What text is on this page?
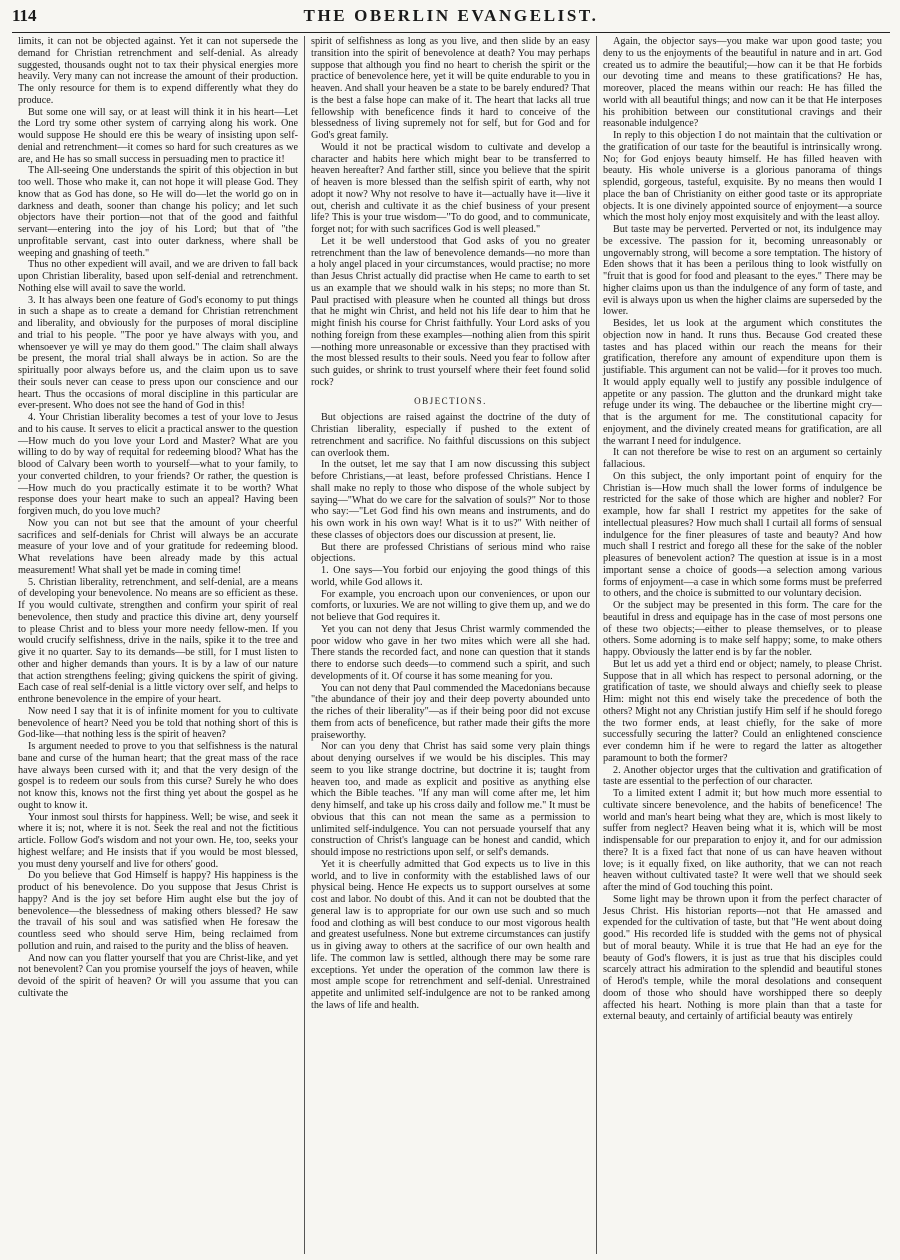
114	THE OBERLIN EVANGELIST.

limits, it can not be objected against. Yet it can not supersede the demand for Christian retrenchment and self-denial. As already suggested, thousands ought not to tax their physical energies more heavily. Very many can not increase the amount of their production. The only resource for them is to expend differently what they do produce.

But some one will say, or at least will think it in his heart—Let the Lord try some other system of carrying along his work. One would suppose He should ere this be weary of insisting upon self-denial and retrenchment—it comes so hard for such creatures as we are, and He has so small success in persuading men to practice it!

The All-seeing One understands the spirit of this objection in but too well. Those who make it, can not hope it will please God. They know that as God has done, so He will do—let the world go on in darkness and death, sooner than change his policy; and let such objectors have their portion—not that of the good and faithful servant—entering into the joy of his Lord; but that of "the unprofitable servant, cast into outer darkness, where shall be weeping and gnashing of teeth."

Thus no other expedient will avail, and we are driven to fall back upon Christian liberality, based upon self-denial and retrenchment. Nothing else will avail to save the world.

3. It has always been one feature of God's economy to put things in such a shape as to create a demand for Christian retrenchment and liberality, and obviously for the purposes of moral discipline and trial to his people. "The poor ye have always with you, and whensoever ye will ye may do them good." The claim shall always be present, the moral trial shall always be in action. So are the spiritually poor always before us, and the claim upon us to save their souls never can cease to press upon our conscience and our heart. Thus the occasions of moral discipline in this particular are ever-present. Who does not see the hand of God in this!

4. Your Christian liberality becomes a test of your love to Jesus and to his cause. It serves to elicit a practical answer to the question—How much do you love your Lord and Master? What are you willing to do by way of requital for redeeming blood? What has the blood of Calvary been worth to yourself—what to your family, to your converted children, to your friends? Or rather, the question is—How much do you practically estimate it to be worth? What response does your heart make to such an appeal? Having been forgiven much, do you love much?

Now you can not but see that the amount of your cheerful sacrifices and self-denials for Christ will always be an accurate measure of your love and of your gratitude for redeeming blood. What revelations have been already made by this actual measurement! What shall yet be made in coming time!

5. Christian liberality, retrenchment, and self-denial, are a means of developing your benevolence. No means are so efficient as these. If you would cultivate, strengthen and confirm your spirit of real benevolence, then study and practice this divine art, deny yourself to please Christ and to bless your more needy fellow-men. If you would crucify selfishness, drive in the nails, spike it to the tree and give it no quarter. Say to its demands—be still, for I must listen to other and higher demands than yours. It is by a law of our nature that action strengthens feeling; giving quickens the spirit of giving. Each case of real self-denial is a little victory over self, and helps to enthrone benevolence in the empire of your heart.

Now need I say that it is of infinite moment for you to cultivate benevolence of heart? Need you be told that nothing short of this is God-like—that nothing less is the spirit of heaven?

Is argument needed to prove to you that selfishness is the natural bane and curse of the human heart; that the great mass of the race have always been cursed with it; and that the very design of the gospel is to redeem our souls from this curse? Surely he who does not know this, knows not the first thing yet about the gospel as he ought to know it.

Your inmost soul thirsts for happiness. Well; be wise, and seek it where it is; not, where it is not. Seek the real and not the fictitious article. Follow God's wisdom and not your own. He, too, seeks your highest welfare; and He insists that if you would be most blessed, you must deny yourself and live for others' good.

Do you believe that God Himself is happy? His happiness is the product of his benevolence. Do you suppose that Jesus Christ is happy? And is the joy set before Him aught else but the joy of benevolence—the blessedness of making others blessed? He saw the travail of his soul and was satisfied when He foresaw the countless seed who should serve Him, being reclaimed from pollution and ruin, and raised to the purity and the bliss of heaven.

And now can you flatter yourself that you are Christ-like, and yet not benevolent? Can you promise yourself the joys of heaven, while devoid of the spirit of heaven? Or will you assume that you can cultivate the

spirit of selfishness as long as you live, and then slide by an easy transition into the spirit of benevolence at death? You may perhaps suppose that although you find no heart to cherish the spirit or the practice of benevolence here, yet it will be quite endurable to you in heaven. And shall your heaven be a state to be barely endured? That is the best a false hope can make of it. The heart that lacks all true fellowship with beneficence finds it hard to conceive of the blessedness of living supremely not for self, but for God and for God's great family.

Would it not be practical wisdom to cultivate and develop a character and habits here which might bear to be transferred to heaven hereafter? And farther still, since you believe that the spirit of heaven is more blessed than the selfish spirit of earth, why not adopt it now? Why not resolve to have it—actually have it—live it out, cherish and cultivate it as the chief business of your present life? This is your true wisdom—"To do good, and to communicate, forget not; for with such sacrifices God is well pleased."

Let it be well understood that God asks of you no greater retrenchment than the law of benevolence demands—no more than a holy angel placed in your circumstances, would practise; no more than Jesus Christ actually did practise when He came to earth to set us an example that we should walk in his steps; no more than St. Paul practised with pleasure when he counted all things but dross that he might win Christ, and held not his life dear to him that he might finish his course for Christ faithfully. Your Lord asks of you nothing foreign from these examples—nothing alien from this spirit—nothing more unreasonable or excessive than they practised with the most blessed results to their souls. Need you fear to follow after such guides, or shrink to trust yourself where their feet found solid rock?

OBJECTIONS.

But objections are raised against the doctrine of the duty of Christian liberality, especially if pushed to the extent of retrenchment and sacrifice. No faithful discussions on this subject can overlook them.

In the outset, let me say that I am now discussing this subject before Christians,—at least, before professed Christians. Hence I shall make no reply to those who dispose of the whole subject by saying—"What do we care for the salvation of souls?" Nor to those who say:—"Let God find his own means and instruments, and do his own work in his own way! What is it to us?" With neither of these classes of objectors does our discussion at present, lie.

But there are professed Christians of serious mind who raise objections.

1. One says—You forbid our enjoying the good things of this world, while God allows it.

For example, you encroach upon our conveniences, or upon our comforts, or luxuries. We are not willing to give them up, and we do not believe that God requires it.

Yet you can not deny that Jesus Christ warmly commended the poor widow who gave in her two mites which were all she had. There stands the recorded fact, and none can question that it stands there to endorse such deeds—to commend such a spirit, and such developments of it. Of course it has some meaning for you.

You can not deny that Paul commended the Macedonians because "the abundance of their joy and their deep poverty abounded unto the riches of their liberality"—as if their being poor did not excuse them from acts of beneficence, but rather made their gifts the more praiseworthy.

Nor can you deny that Christ has said some very plain things about denying ourselves if we would be his disciples. This may seem to you like strange doctrine, but doctrine it is; taught from heaven too, and made as explicit and positive as anything else which the Bible teaches. "If any man will come after me, let him deny himself, and take up his cross daily and follow me." It must be obvious that this can not mean the same as a permission to unlimited self-indulgence. You can not persuade yourself that any construction of Christ's language can be honest and candid, which should impose no restrictions upon self, or self's demands.

Yet it is cheerfully admitted that God expects us to live in this world, and to live in conformity with the established laws of our physical being. Hence He expects us to support ourselves at some cost and labor. No doubt of this. And it can not be doubted that the general law is to appropriate for our own use such and so much food and clothing as will best conduce to our most vigorous health and greatest usefulness. None but extreme circumstances can justify us in giving away to others at the sacrifice of our own health and life. The common law is settled, although there may be some rare exceptions. Yet under the operation of the common law there is most ample scope for retrenchment and self-denial. Unrestrained appetite and unlimited self-indulgence are not to be ranked among the laws of life and health.

Again, the objector says—you make war upon good taste; you deny to us the enjoyments of the beautiful in nature and in art. God created us to admire the beautiful;—how can it be that He forbids our devoting time and means to these gratifications? He has, moreover, placed the means within our reach: He has filled the world with all beautiful things; and now can it be that He interposes his prohibition between our constitutional cravings and their reasonable indulgence?

In reply to this objection I do not maintain that the cultivation or the gratification of our taste for the beautiful is intrinsically wrong. No; for God enjoys beauty himself. He has filled heaven with beauty. His whole universe is a glorious panorama of things splendid, gorgeous, tasteful, exquisite. By no means then would I place the ban of Christianity on either good taste or its appropriate objects. It is one divinely appointed source of enjoyment—a source which the most holy enjoy most exquisitely and with the least alloy.

But taste may be perverted. Perverted or not, its indulgence may be excessive. The passion for it, becoming unreasonably or ungovernably strong, will become a sore temptation. The history of Eden shows that it has been a perilous thing to look wistfully on "fruit that is good for food and pleasant to the eyes." There may be higher claims upon us than the indulgence of any form of taste, and evil is always upon us when the higher claims are superseded by the lower.

Besides, let us look at the argument which constitutes the objection now in hand. It runs thus. Because God created these tastes and has placed within our reach the means for their gratification, therefore any amount of expenditure upon them is justifiable. This argument can not be valid—for it proves too much. It would apply equally well to justify any possible indulgence of appetite or any passion. The glutton and the drunkard might take refuge under its wing. The debauchee or the libertine might cry—that is the argument for me. The constitutional capacity for enjoyment, and the divinely created means for gratification, are all the warrant I need for indulgence.

It can not therefore be wise to rest on an argument so certainly fallacious.

On this subject, the only important point of enquiry for the Christian is—How much shall the lower forms of indulgence be restricted for the sake of those which are higher and nobler? For example, how far shall I restrict my appetites for the sake of intellectual pleasures? How much shall I curtail all forms of sensual indulgence for the finer pleasures of taste and beauty? And how much shall I restrict and forego all these for the sake of the nobler pleasures of benevolent action? The question at issue is in a most important sense a choice of goods—a selection among various forms of enjoyment—a case in which some forms must be preferred to others, and the choice is submitted to our voluntary decision.

Or the subject may be presented in this form. The care for the beautiful in dress and equipage has in the case of most persons one of these two objects;—either to please themselves, or to please others. Some adorning is to make self happy; some, to make others happy. Obviously the latter end is by far the nobler.

But let us add yet a third end or object; namely, to please Christ. Suppose that in all which has respect to personal adorning, or the gratification of taste, we should always and chiefly seek to please Him: might not this end wisely take the precedence of both the others? Might not any Christian justify Him self if he should forego the two former ends, at least chiefly, for the sake of more successfully securing the latter? Could an enlightened conscience ever condemn him if he were to regard the latter as altogether paramount to both the former?

2. Another objector urges that the cultivation and gratification of taste are essential to the perfection of our character.

To a limited extent I admit it; but how much more essential to cultivate sincere benevolence, and the habits of beneficence! The world and man's heart being what they are, which is most likely to suffer from neglect? Heaven being what it is, which will be most indispensable for our preparation to enjoy it, and for our admission there? It is a fixed fact that none of us can have heaven without love; is it equally fixed, on like authority, that we can not reach heaven without cultivated taste? It were well that we should seek after the mind of God touching this point.

Some light may be thrown upon it from the perfect character of Jesus Christ. His historian reports—not that He amassed and expended for the cultivation of taste, but that "He went about doing good." His recorded life is studded with the gems not of physical but of moral beauty. While it is true that He had an eye for the beauty of God's flowers, it is just as true that his disciples could scarcely attract his admiration to the splendid and beautiful stones of Herod's temple, while the moral desolations and consequent doom of those who should have worshipped there so deeply affected his heart. Nothing is more plain than that a taste for external beauty, and certainly of artificial beauty was entirely
